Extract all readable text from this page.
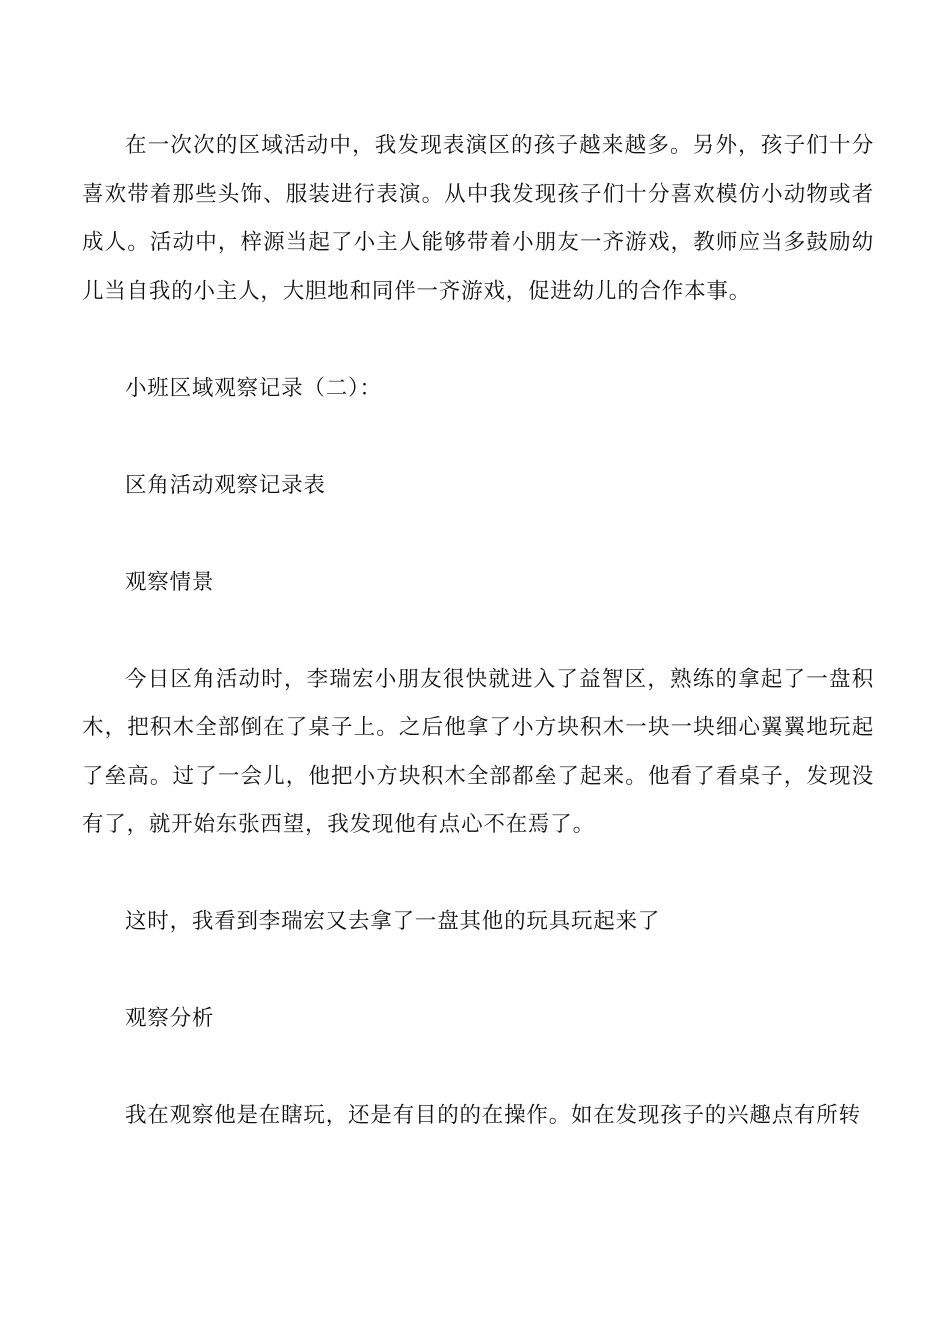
在一次次的区域活动中，我发现表演区的孩子越来越多。另外，孩子们十分喜欢带着那些头饰、服装进行表演。从中我发现孩子们十分喜欢模仿小动物或者成人。活动中，梓源当起了小主人能够带着小朋友一齐游戏，教师应当多鼓励幼儿当自我的小主人，大胆地和同伴一齐游戏，促进幼儿的合作本事。

小班区域观察记录（二）：

区角活动观察记录表

观察情景

今日区角活动时，李瑞宏小朋友很快就进入了益智区，熟练的拿起了一盘积木，把积木全部倒在了桌子上。之后他拿了小方块积木一块一块细心翼翼地玩起了垒高。过了一会儿，他把小方块积木全部都垒了起来。他看了看桌子，发现没有了，就开始东张西望，我发现他有点心不在焉了。

这时，我看到李瑞宏又去拿了一盘其他的玩具玩起来了

观察分析

我在观察他是在瞎玩，还是有目的的在操作。如在发现孩子的兴趣点有所转
